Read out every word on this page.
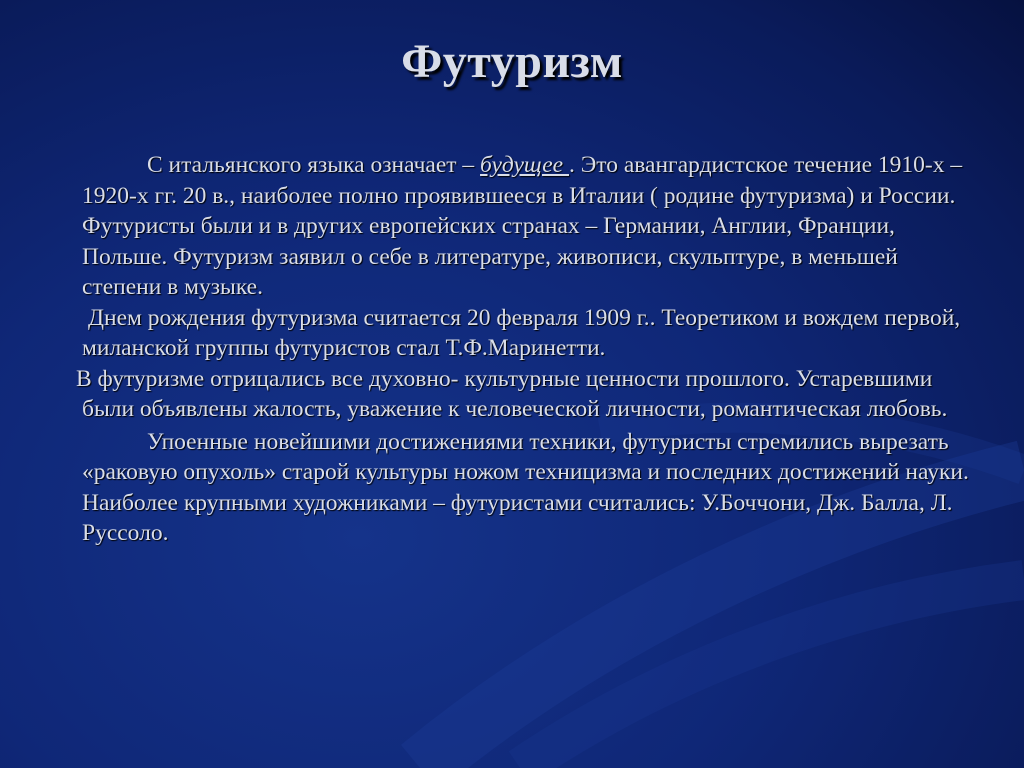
Футуризм

С итальянского языка означает – будущее . Это авангардистское течение 1910-х – 1920-х гг. 20 в., наиболее полно проявившееся в Италии ( родине футуризма) и России. Футуристы были и в других европейских странах – Германии, Англии, Франции, Польше. Футуризм заявил о себе в литературе, живописи, скульптуре, в меньшей степени в музыке.

Днем рождения футуризма считается 20 февраля 1909 г.. Теоретиком и вождем первой, миланской группы футуристов стал Т.Ф.Маринетти.

В футуризме отрицались все духовно- культурные ценности прошлого. Устаревшими были объявлены жалость, уважение к человеческой личности, романтическая любовь.

Упоенные новейшими достижениями техники, футуристы стремились вырезать «раковую опухоль» старой культуры ножом техницизма и последних достижений науки. Наиболее крупными художниками – футуристами считались: У.Боччони, Дж. Балла, Л. Руссоло.
